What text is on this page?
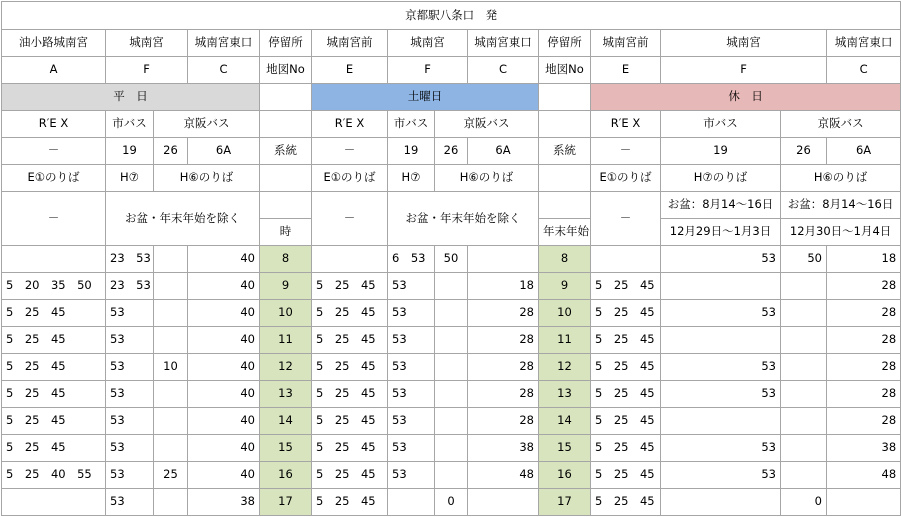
京都駅八条口　発													
油小路城南宮	城南宮		城南宮東口	停留所	城南宮前	城南宮		城南宮東口	停留所	城南宮前	城南宮		城南宮東口
A	F		C	地図No	E	F		C	地図No	E	F		C
平　日					土曜日					休　日			
R′E X	市バス	京阪バス			R′E X	市バス	京阪バス			R′E X	市バス	京阪バス	
－	19	26	6A	系統	－	19	26	6A	系統	－	19	26	6A
E①のりば	H⑦	H⑥のりば			E①のりば	H⑦	H⑥のりば			E①のりば	H⑦のりば	H⑥のりば	
－	お盆・年末年始を除く				－	お盆・年末年始を除く				－	お盆：8月14～16日	お盆：8月14～16日	
				時					年末年始		12月29日～1月3日	12月30日～1月4日	
	23　53		40	8		6　53	50		8		53	50	18
5　20　35　50	23　53		40	9	5　25　45	53		18	9	5　25　45			28
5　25　45	53		40	10	5　25　45	53		28	10	5　25　45	53		28
5　25　45	53		40	11	5　25　45	53		28	11	5　25　45			28
5　25　45	53	10	40	12	5　25　45	53		28	12	5　25　45	53		28
5　25　45	53		40	13	5　25　45	53		28	13	5　25　45	53		28
5　25　45	53		40	14	5　25　45	53		28	14	5　25　45			28
5　25　45	53		40	15	5　25　45	53		38	15	5　25　45	53		38
5　25　40　55	53	25	40	16	5　25　45	53		48	16	5　25　45	53		48
	53		38	17	5　25　45		0		17	5　25　45		0	
